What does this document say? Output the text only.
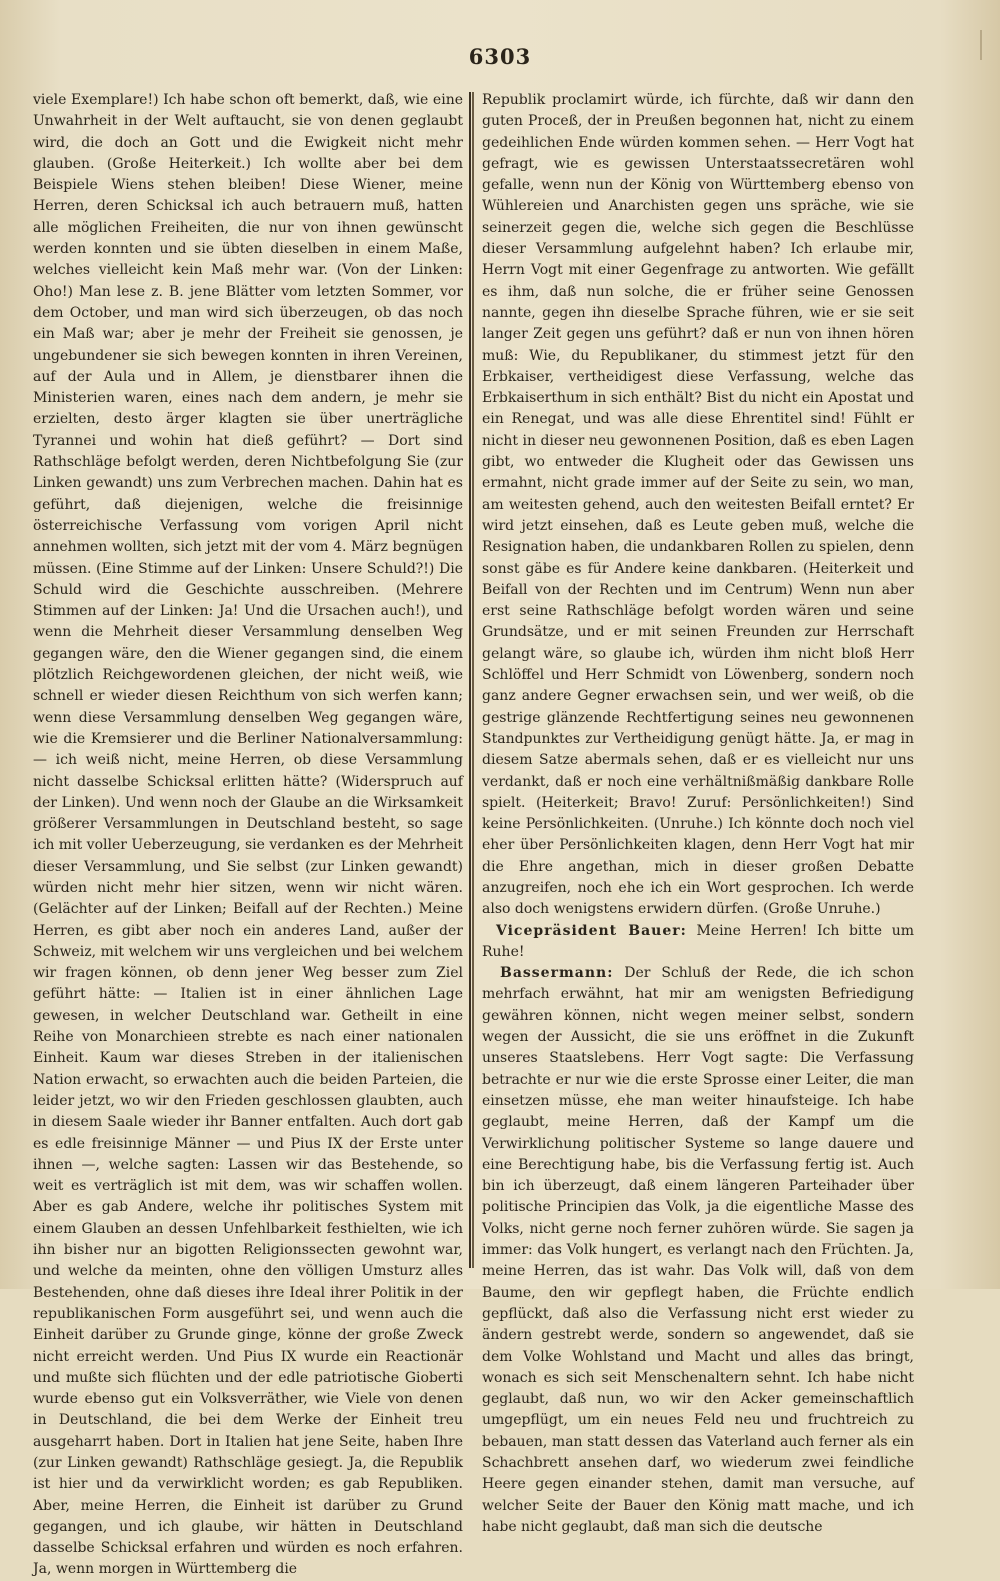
6303

viele Exemplare!) Ich habe schon oft bemerkt, daß, wie eine Unwahrheit in der Welt auftaucht, sie von denen geglaubt wird, die doch an Gott und die Ewigkeit nicht mehr glauben. (Große Heiterkeit.) Ich wollte aber bei dem Beispiele Wiens stehen bleiben! Diese Wiener, meine Herren, deren Schicksal ich auch betrauern muß, hatten alle möglichen Freiheiten, die nur von ihnen gewünscht werden konnten und sie übten dieselben in einem Maße, welches vielleicht kein Maß mehr war. (Von der Linken: Oho!) Man lese z. B. jene Blätter vom letzten Sommer, vor dem October, und man wird sich überzeugen, ob das noch ein Maß war; aber je mehr der Freiheit sie genossen, je ungebundener sie sich bewegen konnten in ihren Vereinen, auf der Aula und in Allem, je dienstbarer ihnen die Ministerien waren, eines nach dem andern, je mehr sie erzielten, desto ärger klagten sie über unerträgliche Tyrannei und wohin hat dieß geführt? — Dort sind Rathschläge befolgt werden, deren Nichtbefolgung Sie (zur Linken gewandt) uns zum Verbrechen machen. Dahin hat es geführt, daß diejenigen, welche die freisinnige österreichische Verfassung vom vorigen April nicht annehmen wollten, sich jetzt mit der vom 4. März begnügen müssen. (Eine Stimme auf der Linken: Unsere Schuld?!) Die Schuld wird die Geschichte ausschreiben. (Mehrere Stimmen auf der Linken: Ja! Und die Ursachen auch!), und wenn die Mehrheit dieser Versammlung denselben Weg gegangen wäre, den die Wiener gegangen sind, die einem plötzlich Reichgewordenen gleichen, der nicht weiß, wie schnell er wieder diesen Reichthum von sich werfen kann; wenn diese Versammlung denselben Weg gegangen wäre, wie die Kremsierer und die Berliner Nationalversammlung: — ich weiß nicht, meine Herren, ob diese Versammlung nicht dasselbe Schicksal erlitten hätte? (Widerspruch auf der Linken). Und wenn noch der Glaube an die Wirksamkeit größerer Versammlungen in Deutschland besteht, so sage ich mit voller Ueberzeugung, sie verdanken es der Mehrheit dieser Versammlung, und Sie selbst (zur Linken gewandt) würden nicht mehr hier sitzen, wenn wir nicht wären. (Gelächter auf der Linken; Beifall auf der Rechten.) Meine Herren, es gibt aber noch ein anderes Land, außer der Schweiz, mit welchem wir uns vergleichen und bei welchem wir fragen können, ob denn jener Weg besser zum Ziel geführt hätte: — Italien ist in einer ähnlichen Lage gewesen, in welcher Deutschland war. Getheilt in eine Reihe von Monarchieen strebte es nach einer nationalen Einheit. Kaum war dieses Streben in der italienischen Nation erwacht, so erwachten auch die beiden Parteien, die leider jetzt, wo wir den Frieden geschlossen glaubten, auch in diesem Saale wieder ihr Banner entfalten. Auch dort gab es edle freisinnige Männer — und Pius IX der Erste unter ihnen —, welche sagten: Lassen wir das Bestehende, so weit es verträglich ist mit dem, was wir schaffen wollen. Aber es gab Andere, welche ihr politisches System mit einem Glauben an dessen Unfehlbarkeit festhielten, wie ich ihn bisher nur an bigotten Religionssecten gewohnt war, und welche da meinten, ohne den völligen Umsturz alles Bestehenden, ohne daß dieses ihre Ideal ihrer Politik in der republikanischen Form ausgeführt sei, und wenn auch die Einheit darüber zu Grunde ginge, könne der große Zweck nicht erreicht werden. Und Pius IX wurde ein Reactionär und mußte sich flüchten und der edle patriotische Gioberti wurde ebenso gut ein Volksverräther, wie Viele von denen in Deutschland, die bei dem Werke der Einheit treu ausgeharrt haben. Dort in Italien hat jene Seite, haben Ihre (zur Linken gewandt) Rathschläge gesiegt. Ja, die Republik ist hier und da verwirklicht worden; es gab Republiken. Aber, meine Herren, die Einheit ist darüber zu Grund gegangen, und ich glaube, wir hätten in Deutschland dasselbe Schicksal erfahren und würden es noch erfahren. Ja, wenn morgen in Württemberg die

Republik proclamirt würde, ich fürchte, daß wir dann den guten Proceß, der in Preußen begonnen hat, nicht zu einem gedeihlichen Ende würden kommen sehen. — Herr Vogt hat gefragt, wie es gewissen Unterstaatssecretären wohl gefalle, wenn nun der König von Württemberg ebenso von Wühlereien und Anarchisten gegen uns spräche, wie sie seinerzeit gegen die, welche sich gegen die Beschlüsse dieser Versammlung aufgelehnt haben? Ich erlaube mir, Herrn Vogt mit einer Gegenfrage zu antworten. Wie gefällt es ihm, daß nun solche, die er früher seine Genossen nannte, gegen ihn dieselbe Sprache führen, wie er sie seit langer Zeit gegen uns geführt? daß er nun von ihnen hören muß: Wie, du Republikaner, du stimmest jetzt für den Erbkaiser, vertheidigest diese Verfassung, welche das Erbkaiserthum in sich enthält? Bist du nicht ein Apostat und ein Renegat, und was alle diese Ehrentitel sind! Fühlt er nicht in dieser neu gewonnenen Position, daß es eben Lagen gibt, wo entweder die Klugheit oder das Gewissen uns ermahnt, nicht grade immer auf der Seite zu sein, wo man, am weitesten gehend, auch den weitesten Beifall erntet? Er wird jetzt einsehen, daß es Leute geben muß, welche die Resignation haben, die undankbaren Rollen zu spielen, denn sonst gäbe es für Andere keine dankbaren. (Heiterkeit und Beifall von der Rechten und im Centrum) Wenn nun aber erst seine Rathschläge befolgt worden wären und seine Grundsätze, und er mit seinen Freunden zur Herrschaft gelangt wäre, so glaube ich, würden ihm nicht bloß Herr Schlöffel und Herr Schmidt von Löwenberg, sondern noch ganz andere Gegner erwachsen sein, und wer weiß, ob die gestrige glänzende Rechtfertigung seines neu gewonnenen Standpunktes zur Vertheidigung genügt hätte. Ja, er mag in diesem Satze abermals sehen, daß er es vielleicht nur uns verdankt, daß er noch eine verhältnißmäßig dankbare Rolle spielt. (Heiterkeit; Bravo! Zuruf: Persönlichkeiten!) Sind keine Persönlichkeiten. (Unruhe.) Ich könnte doch noch viel eher über Persönlichkeiten klagen, denn Herr Vogt hat mir die Ehre angethan, mich in dieser großen Debatte anzugreifen, noch ehe ich ein Wort gesprochen. Ich werde also doch wenigstens erwidern dürfen. (Große Unruhe.)

Vicepräsident Bauer: Meine Herren! Ich bitte um Ruhe!

Bassermann: Der Schluß der Rede, die ich schon mehrfach erwähnt, hat mir am wenigsten Befriedigung gewähren können, nicht wegen meiner selbst, sondern wegen der Aussicht, die sie uns eröffnet in die Zukunft unseres Staatslebens. Herr Vogt sagte: Die Verfassung betrachte er nur wie die erste Sprosse einer Leiter, die man einsetzen müsse, ehe man weiter hinaufsteige. Ich habe geglaubt, meine Herren, daß der Kampf um die Verwirklichung politischer Systeme so lange dauere und eine Berechtigung habe, bis die Verfassung fertig ist. Auch bin ich überzeugt, daß einem längeren Parteihader über politische Principien das Volk, ja die eigentliche Masse des Volks, nicht gerne noch ferner zuhören würde. Sie sagen ja immer: das Volk hungert, es verlangt nach den Früchten. Ja, meine Herren, das ist wahr. Das Volk will, daß von dem Baume, den wir gepflegt haben, die Früchte endlich gepflückt, daß also die Verfassung nicht erst wieder zu ändern gestrebt werde, sondern so angewendet, daß sie dem Volke Wohlstand und Macht und alles das bringt, wonach es sich seit Menschenaltern sehnt. Ich habe nicht geglaubt, daß nun, wo wir den Acker gemeinschaftlich umgepflügt, um ein neues Feld neu und fruchtreich zu bebauen, man statt dessen das Vaterland auch ferner als ein Schachbrett ansehen darf, wo wiederum zwei feindliche Heere gegen einander stehen, damit man versuche, auf welcher Seite der Bauer den König matt mache, und ich habe nicht geglaubt, daß man sich die deutsche
